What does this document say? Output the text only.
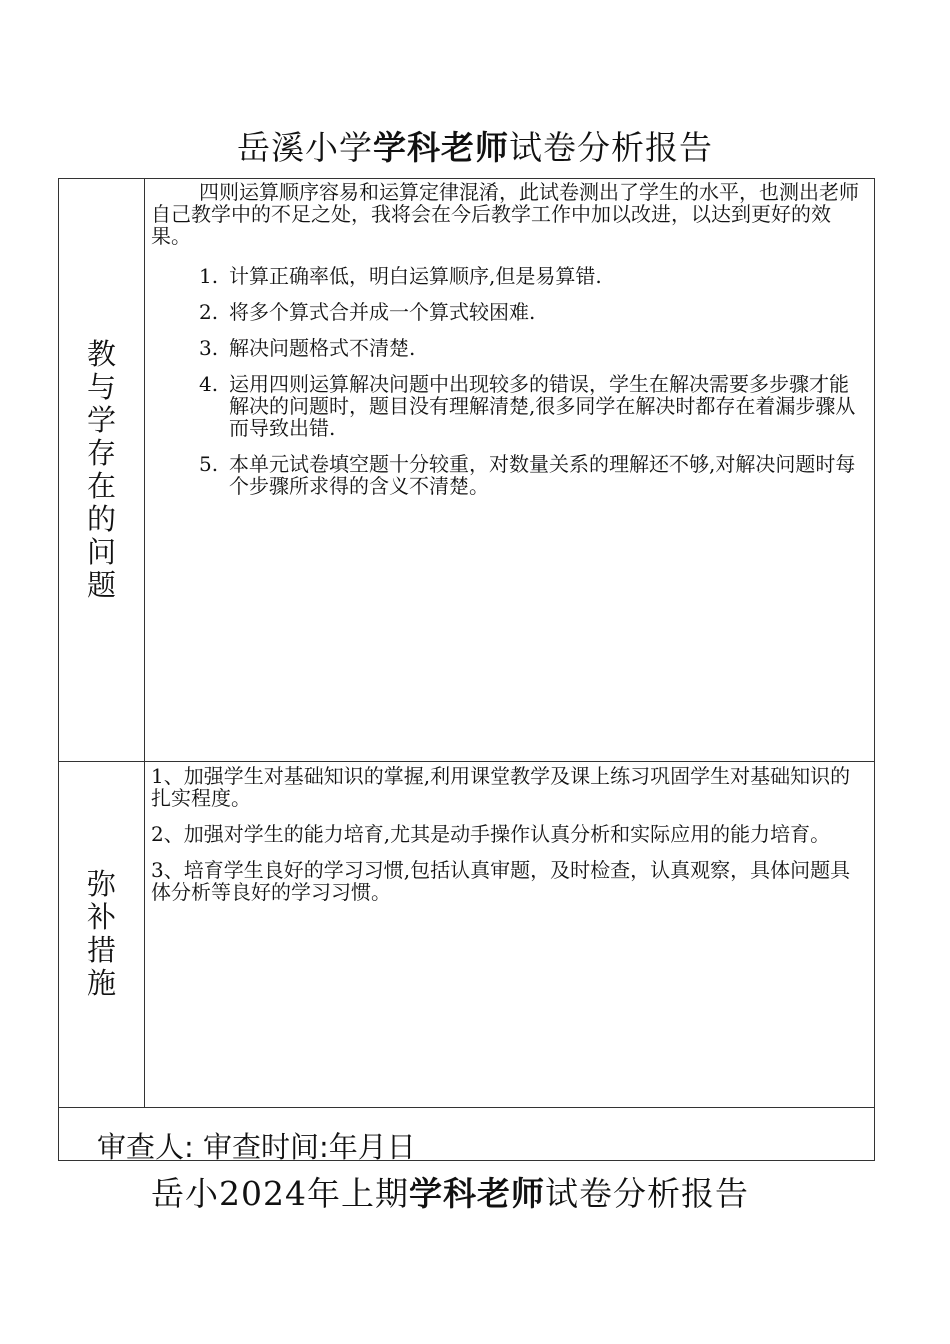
岳溪小学学科老师试卷分析报告
教
与
学
存
在
的
问
题

四则运算顺序容易和运算定律混淆，此试卷测出了学生的水平，也测出老师自己教学中的不足之处，我将会在今后教学工作中加以改进，以达到更好的效果。

1. 计算正确率低，明白运算顺序,但是易算错.
2. 将多个算式合并成一个算式较困难.
3. 解决问题格式不清楚.
4. 运用四则运算解决问题中出现较多的错误，学生在解决需要多步骤才能解决的问题时，题目没有理解清楚,很多同学在解决时都存在着漏步骤从而导致出错.
5. 本单元试卷填空题十分较重，对数量关系的理解还不够,对解决问题时每个步骤所求得的含义不清楚。
弥
补
措
施

1、加强学生对基础知识的掌握,利用课堂教学及课上练习巩固学生对基础知识的扎实程度。

2、加强对学生的能力培育,尤其是动手操作认真分析和实际应用的能力培育。

3、培育学生良好的学习习惯,包括认真审题，及时检查，认真观察，具体问题具体分析等良好的学习习惯。

审查人: 审查时间:年月日
岳小2024年上期学科老师试卷分析报告
